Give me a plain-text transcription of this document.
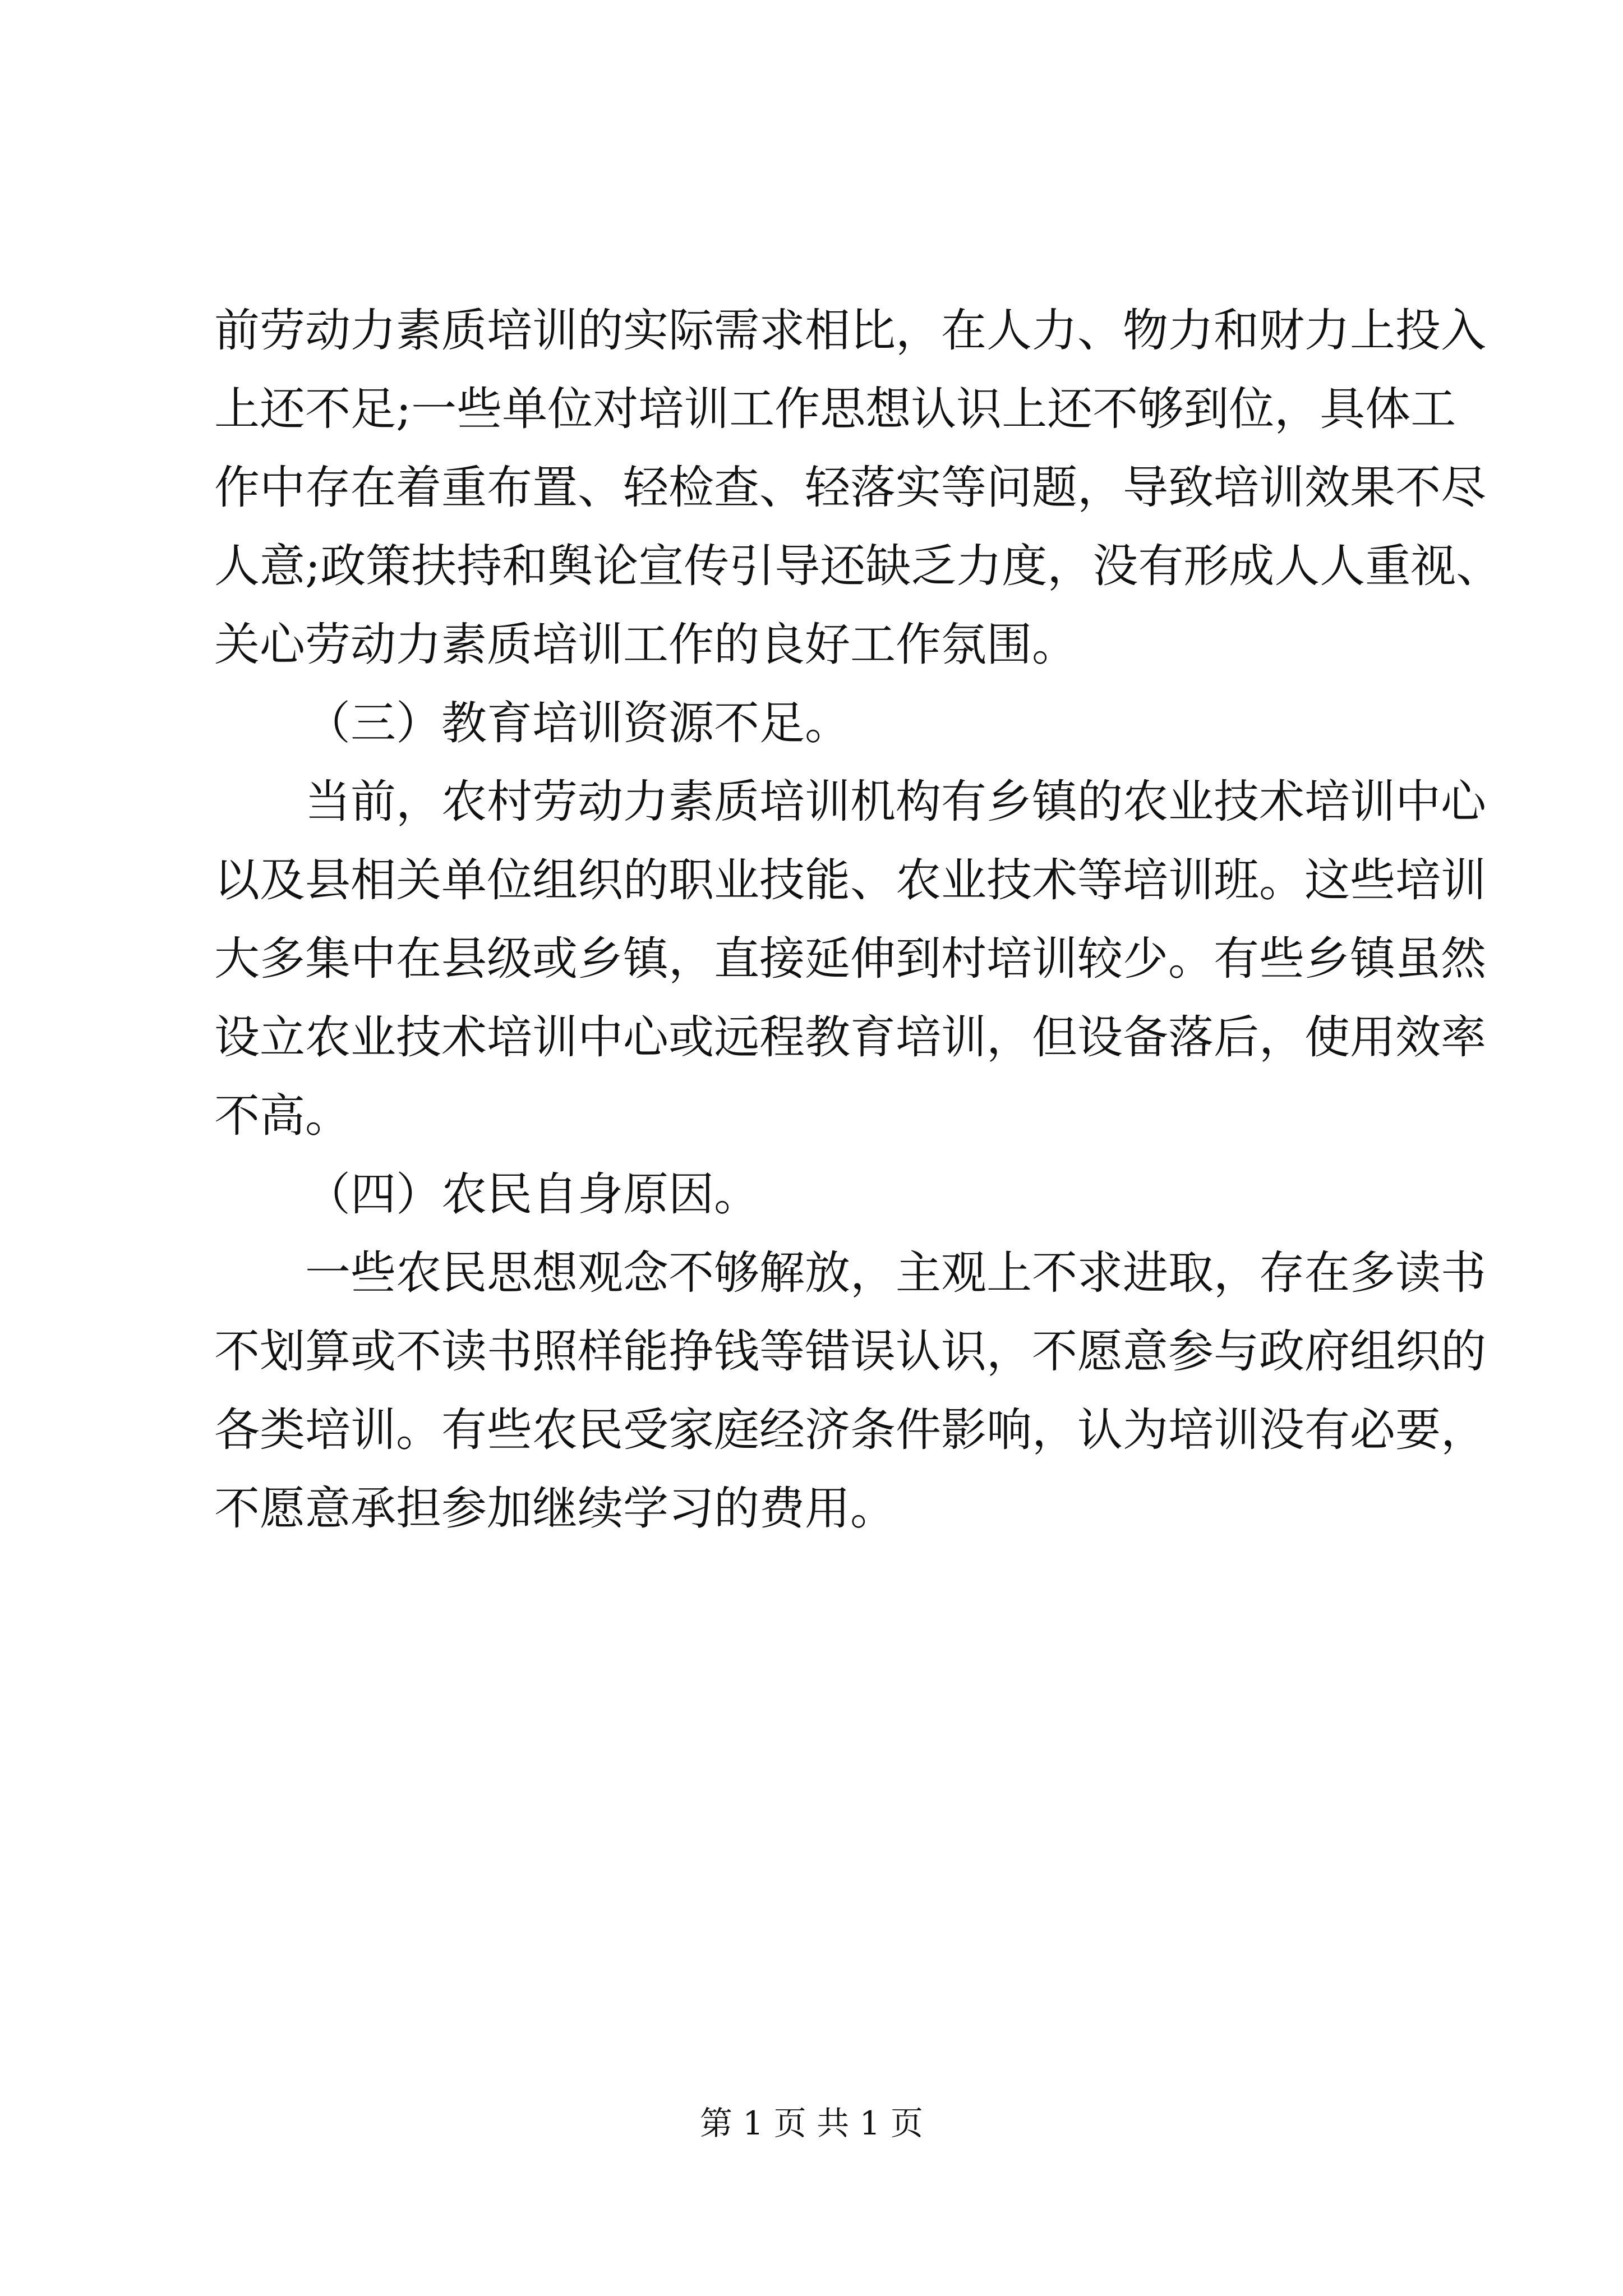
前劳动力素质培训的实际需求相比，在人力、物力和财力上投入
上还不足;一些单位对培训工作思想认识上还不够到位，具体工
作中存在着重布置、轻检查、轻落实等问题，导致培训效果不尽
人意;政策扶持和舆论宣传引导还缺乏力度，没有形成人人重视、
关心劳动力素质培训工作的良好工作氛围。
（三）教育培训资源不足。
当前，农村劳动力素质培训机构有乡镇的农业技术培训中心
以及县相关单位组织的职业技能、农业技术等培训班。这些培训
大多集中在县级或乡镇，直接延伸到村培训较少。有些乡镇虽然
设立农业技术培训中心或远程教育培训，但设备落后，使用效率
不高。
（四）农民自身原因。
一些农民思想观念不够解放，主观上不求进取，存在多读书
不划算或不读书照样能挣钱等错误认识，不愿意参与政府组织的
各类培训。有些农民受家庭经济条件影响，认为培训没有必要，
不愿意承担参加继续学习的费用。
第 1 页 共 1 页
